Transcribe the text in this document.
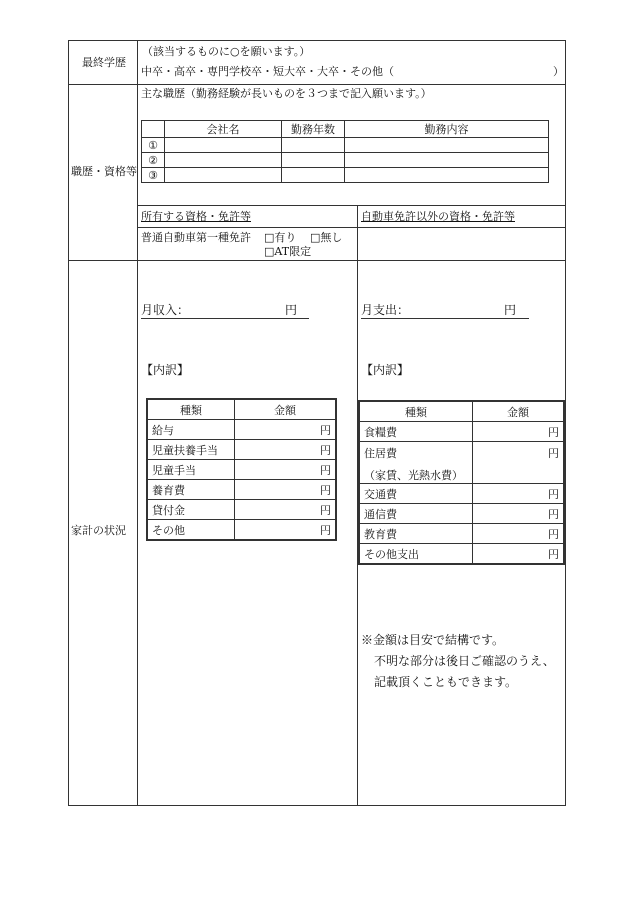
最終学歴
（該当するものに○を願います。）
中卒・高卒・専門学校卒・短大卒・大卒・その他（	）
職歴・資格等
主な職歴（勤務経験が長いものを３つまで記入願います。）
	会社名	勤務年数	勤務内容
①			
②			
③			
所有する資格・免許等	自動車免許以外の資格・免許等
普通自動車第一種免許 □有り □無し
□AT限定
家計の状況
月収入：	円
【内訳】
種類	金額
給与	円
児童扶養手当	円
児童手当	円
養育費	円
貸付金	円
その他	円
月支出：	円
【内訳】
種類	金額
食糧費	円

住居費
（家賃、光熱水費）	円
交通費	円
通信費	円
教育費	円
その他支出	円
※金額は目安で結構です。
不明な部分は後日ご確認のうえ、
記載頂くこともできます。
